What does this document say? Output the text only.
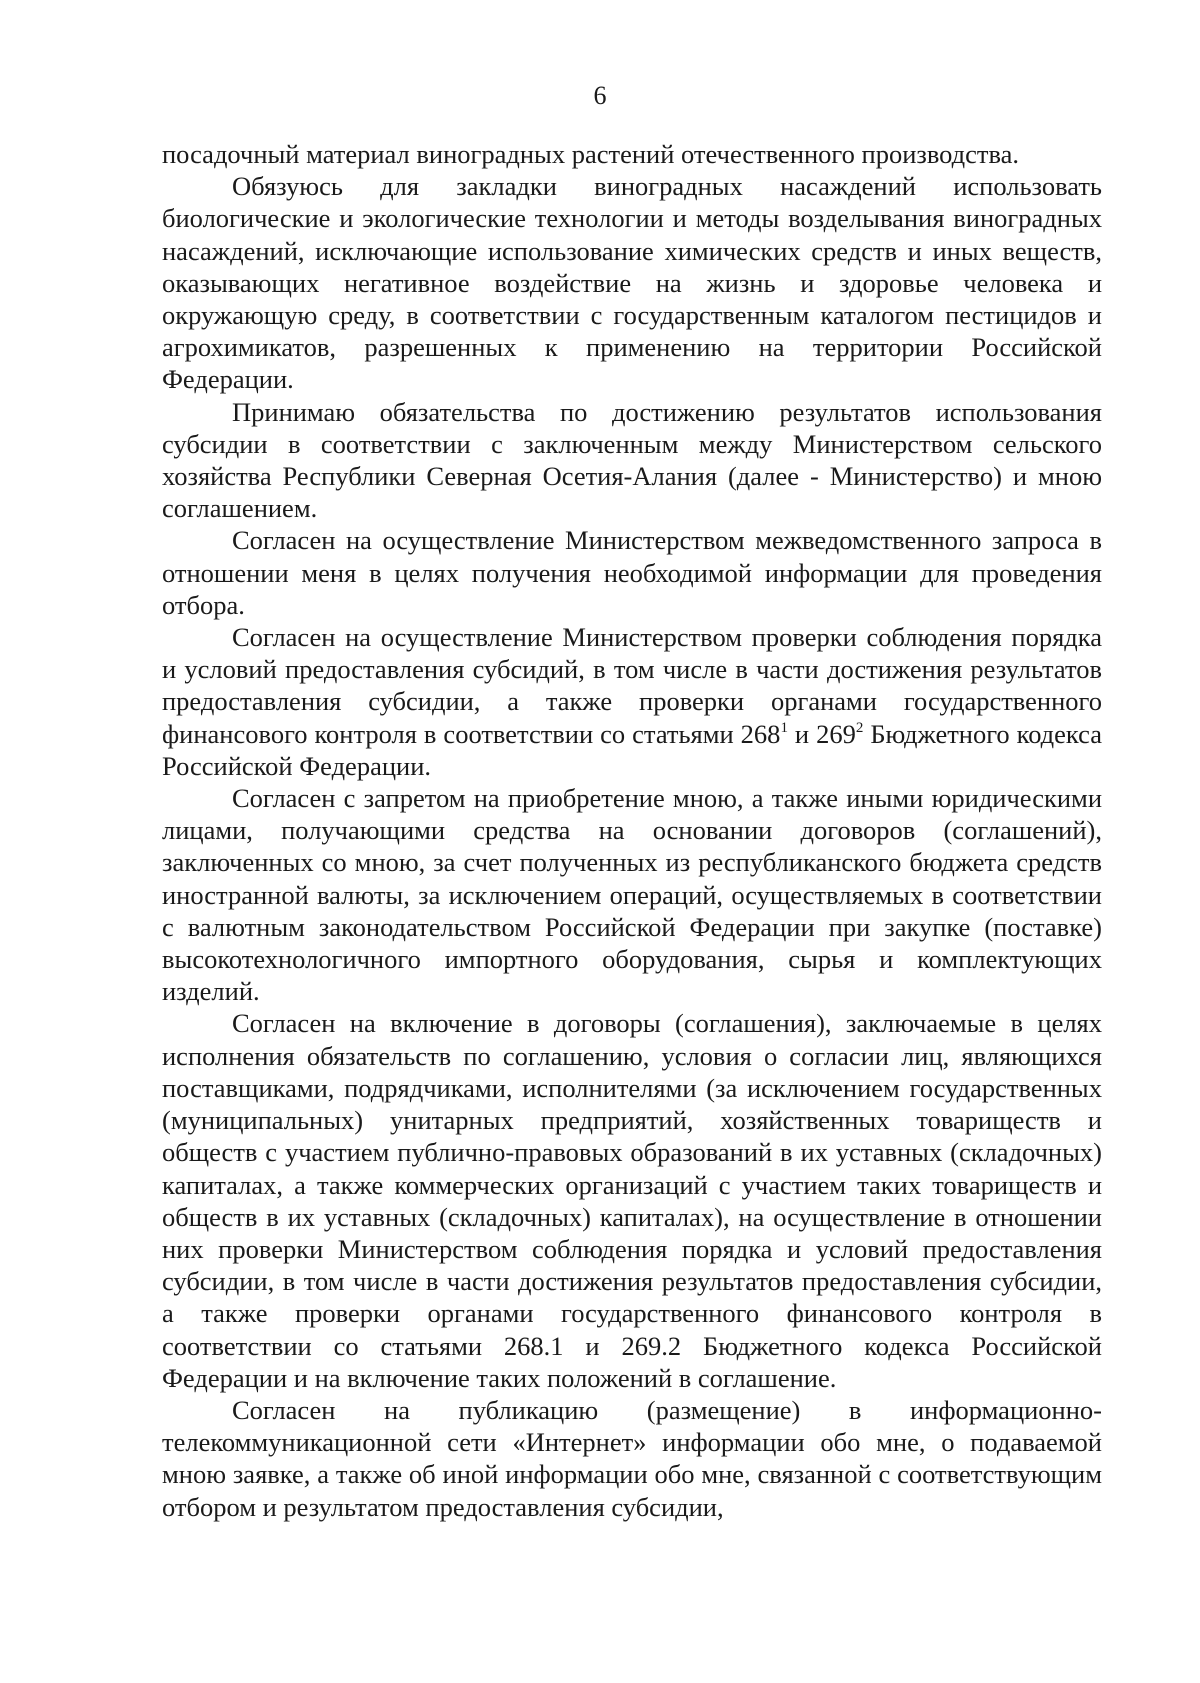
6

посадочный материал виноградных растений отечественного производства.

Обязуюсь для закладки виноградных насаждений использовать биологические и экологические технологии и методы возделывания виноградных насаждений, исключающие использование химических средств и иных веществ, оказывающих негативное воздействие на жизнь и здоровье человека и окружающую среду, в соответствии с государственным каталогом пестицидов и агрохимикатов, разрешенных к применению на территории Российской Федерации.

Принимаю обязательства по достижению результатов использования субсидии в соответствии с заключенным между Министерством сельского хозяйства Республики Северная Осетия-Алания (далее - Министерство) и мною соглашением.

Согласен на осуществление Министерством межведомственного запроса в отношении меня в целях получения необходимой информации для проведения отбора.

Согласен на осуществление Министерством проверки соблюдения порядка и условий предоставления субсидий, в том числе в части достижения результатов предоставления субсидии, а также проверки органами государственного финансового контроля в соответствии со статьями $268^1$ и $269^2$ Бюджетного кодекса Российской Федерации.

Согласен с запретом на приобретение мною, а также иными юридическими лицами, получающими средства на основании договоров (соглашений), заключенных со мною, за счет полученных из республиканского бюджета средств иностранной валюты, за исключением операций, осуществляемых в соответствии с валютным законодательством Российской Федерации при закупке (поставке) высокотехнологичного импортного оборудования, сырья и комплектующих изделий.

Согласен на включение в договоры (соглашения), заключаемые в целях исполнения обязательств по соглашению, условия о согласии лиц, являющихся поставщиками, подрядчиками, исполнителями (за исключением государственных (муниципальных) унитарных предприятий, хозяйственных товариществ и обществ с участием публично-правовых образований в их уставных (складочных) капиталах, а также коммерческих организаций с участием таких товариществ и обществ в их уставных (складочных) капиталах), на осуществление в отношении них проверки Министерством соблюдения порядка и условий предоставления субсидии, в том числе в части достижения результатов предоставления субсидии, а также проверки органами государственного финансового контроля в соответствии со статьями 268.1 и 269.2 Бюджетного кодекса Российской Федерации и на включение таких положений в соглашение.

Согласен на публикацию (размещение) в информационно-телекоммуникационной сети «Интернет» информации обо мне, о подаваемой мною заявке, а также об иной информации обо мне, связанной с соответствующим отбором и результатом предоставления субсидии,
